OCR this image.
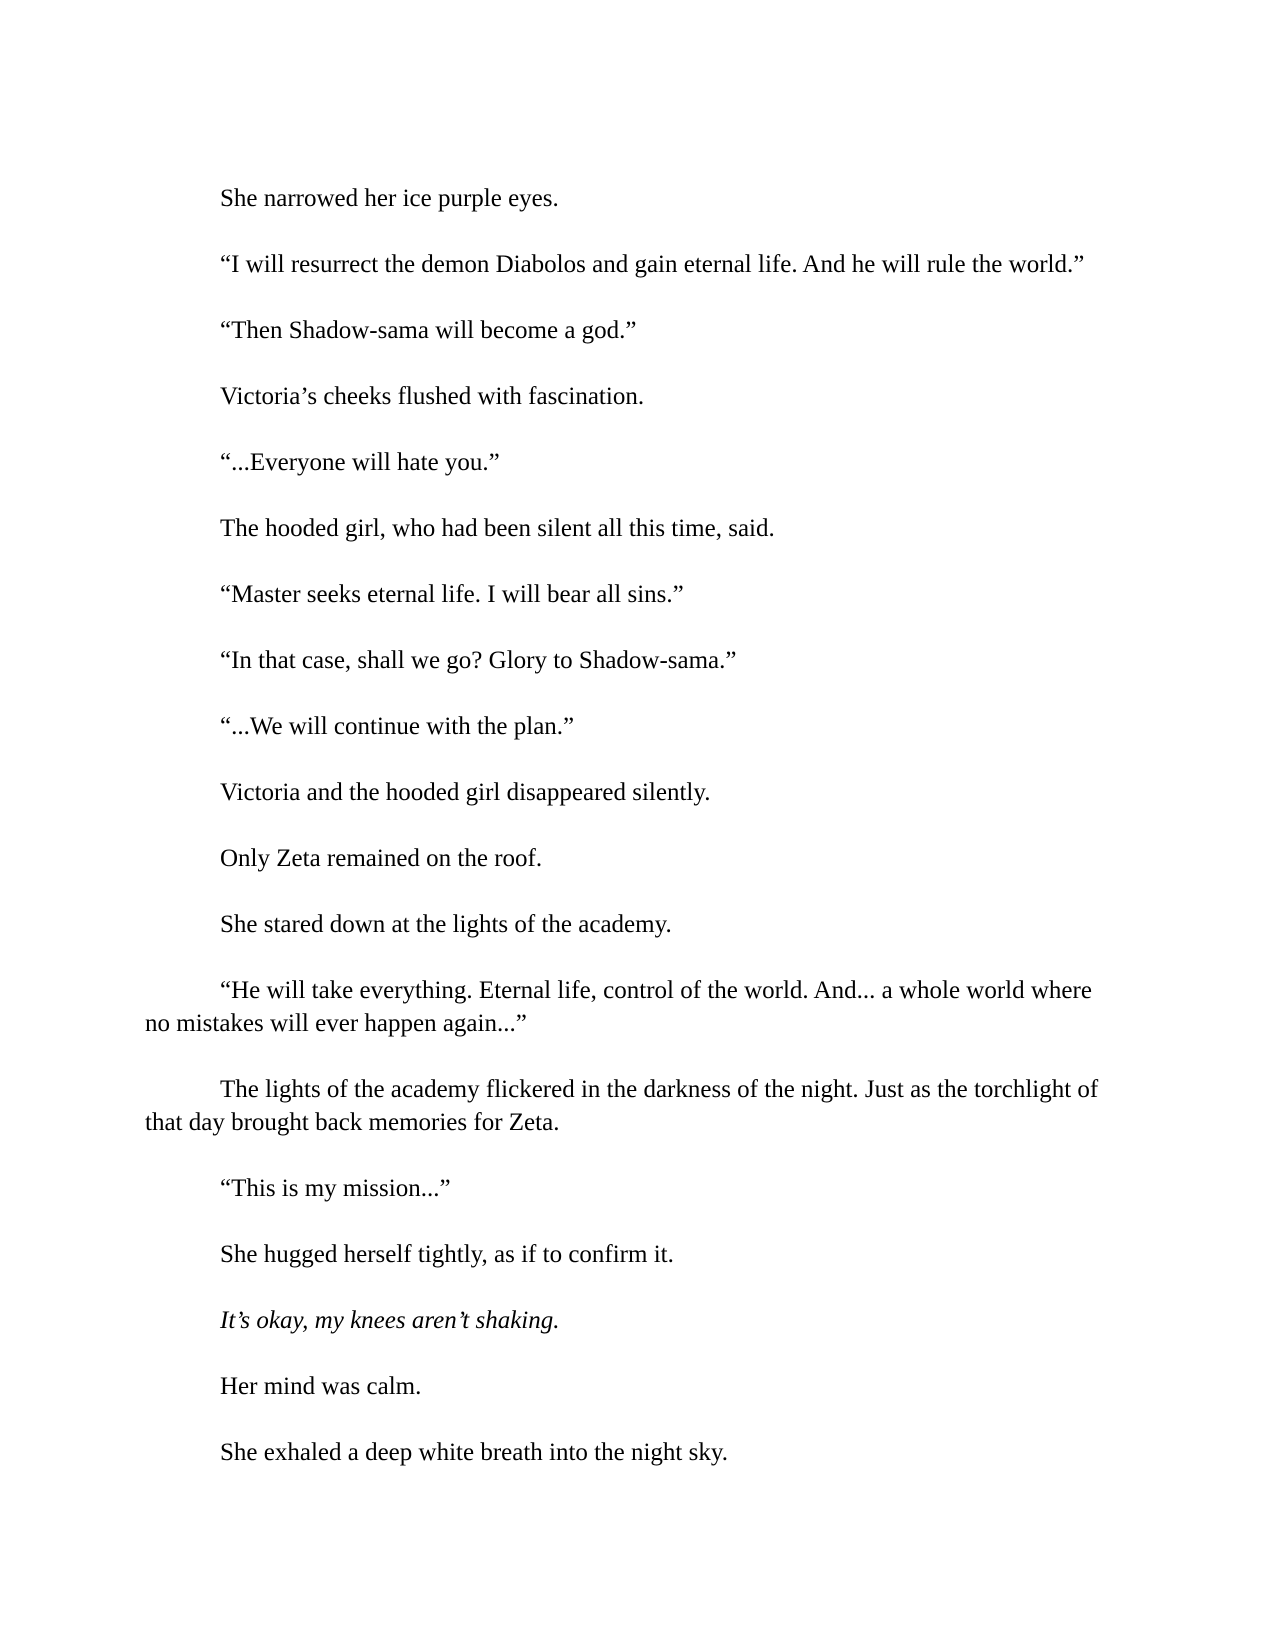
She narrowed her ice purple eyes.

“I will resurrect the demon Diabolos and gain eternal life. And he will rule the world.”

“Then Shadow-sama will become a god.”

Victoria’s cheeks flushed with fascination.

“...Everyone will hate you.”

The hooded girl, who had been silent all this time, said.

“Master seeks eternal life. I will bear all sins.”

“In that case, shall we go? Glory to Shadow-sama.”

“...We will continue with the plan.”

Victoria and the hooded girl disappeared silently.

Only Zeta remained on the roof.

She stared down at the lights of the academy.

“He will take everything. Eternal life, control of the world. And... a whole world where no mistakes will ever happen again...”

The lights of the academy flickered in the darkness of the night. Just as the torchlight of that day brought back memories for Zeta.

“This is my mission...”

She hugged herself tightly, as if to confirm it.

It’s okay, my knees aren’t shaking.

Her mind was calm.

She exhaled a deep white breath into the night sky.
